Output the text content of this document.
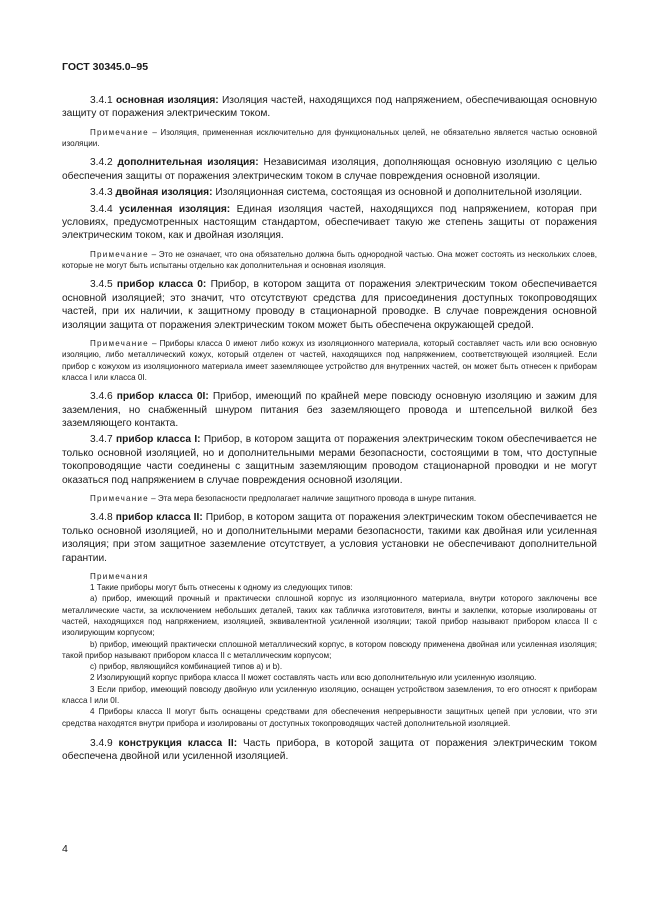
ГОСТ 30345.0–95

3.4.1 основная изоляция: Изоляция частей, находящихся под напряжением, обеспечивающая основную защиту от поражения электрическим током.

Примечание – Изоляция, примененная исключительно для функциональных целей, не обязательно является частью основной изоляции.

3.4.2 дополнительная изоляция: Независимая изоляция, дополняющая основную изоляцию с целью обеспечения защиты от поражения электрическим током в случае повреждения основной изоляции.

3.4.3 двойная изоляция: Изоляционная система, состоящая из основной и дополнительной изоляции.

3.4.4 усиленная изоляция: Единая изоляция частей, находящихся под напряжением, которая при условиях, предусмотренных настоящим стандартом, обеспечивает такую же степень защиты от поражения электрическим током, как и двойная изоляция.

Примечание – Это не означает, что она обязательно должна быть однородной частью. Она может состоять из нескольких слоев, которые не могут быть испытаны отдельно как дополнительная и основная изоляция.

3.4.5 прибор класса 0: Прибор, в котором защита от поражения электрическим током обеспечивается основной изоляцией; это значит, что отсутствуют средства для присоединения доступных токопроводящих частей, при их наличии, к защитному проводу в стационарной проводке. В случае повреждения основной изоляции защита от поражения электрическим током может быть обеспечена окружающей средой.

Примечание – Приборы класса 0 имеют либо кожух из изоляционного материала, который составляет часть или всю основную изоляцию, либо металлический кожух, который отделен от частей, находящихся под напряжением, соответствующей изоляцией. Если прибор с кожухом из изоляционного материала имеет заземляющее устройство для внутренних частей, он может быть отнесен к приборам класса I или класса 0I.

3.4.6 прибор класса 0I: Прибор, имеющий по крайней мере повсюду основную изоляцию и зажим для заземления, но снабженный шнуром питания без заземляющего провода и штепсельной вилкой без заземляющего контакта.

3.4.7 прибор класса I: Прибор, в котором защита от поражения электрическим током обеспечивается не только основной изоляцией, но и дополнительными мерами безопасности, состоящими в том, что доступные токопроводящие части соединены с защитным заземляющим проводом стационарной проводки и не могут оказаться под напряжением в случае повреждения основной изоляции.

Примечание – Эта мера безопасности предполагает наличие защитного провода в шнуре питания.

3.4.8 прибор класса II: Прибор, в котором защита от поражения электрическим током обеспечивается не только основной изоляцией, но и дополнительными мерами безопасности, такими как двойная или усиленная изоляция; при этом защитное заземление отсутствует, а условия установки не обеспечивают дополнительной гарантии.

Примечания

1 Такие приборы могут быть отнесены к одному из следующих типов:

a) прибор, имеющий прочный и практически сплошной корпус из изоляционного материала, внутри которого заключены все металлические части, за исключением небольших деталей, таких как табличка изготовителя, винты и заклепки, которые изолированы от частей, находящихся под напряжением, изоляцией, эквивалентной усиленной изоляции; такой прибор называют прибором класса II с изолирующим корпусом;

b) прибор, имеющий практически сплошной металлический корпус, в котором повсюду применена двойная или усиленная изоляция; такой прибор называют прибором класса II с металлическим корпусом;

c) прибор, являющийся комбинацией типов a) и b).

2 Изолирующий корпус прибора класса II может составлять часть или всю дополнительную или усиленную изоляцию.

3 Если прибор, имеющий повсюду двойную или усиленную изоляцию, оснащен устройством заземления, то его относят к приборам класса I или 0I.

4 Приборы класса II могут быть оснащены средствами для обеспечения непрерывности защитных цепей при условии, что эти средства находятся внутри прибора и изолированы от доступных токопроводящих частей дополнительной изоляцией.

3.4.9 конструкция класса II: Часть прибора, в которой защита от поражения электрическим током обеспечена двойной или усиленной изоляцией.

4
